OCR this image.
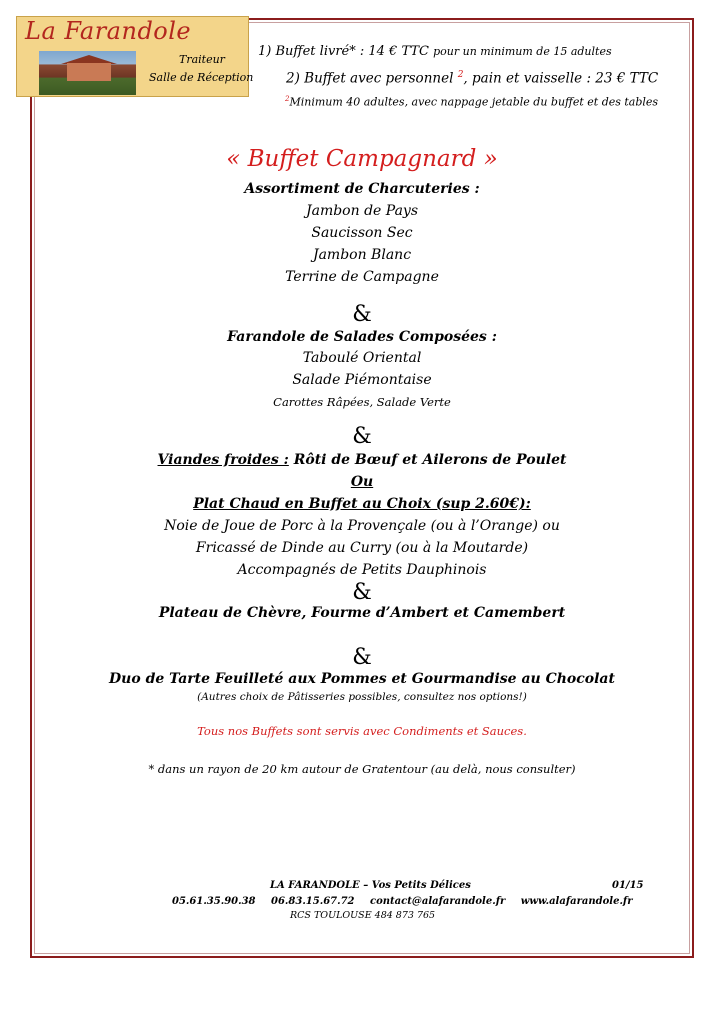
La Farandole
Traiteur
Salle de Réception
1) Buffet livré* : 14 € TTC pour un minimum de 15 adultes
2) Buffet avec personnel $^2$, pain et vaisselle : 23 € TTC
$^2$Minimum 40 adultes, avec nappage jetable du buffet et des tables
« Buffet Campagnard »
Assortiment de Charcuteries :
Jambon de Pays
Saucisson Sec
Jambon Blanc
Terrine de Campagne
&
Farandole de Salades Composées :
Taboulé Oriental
Salade Piémontaise
Carottes Râpées, Salade Verte
&
Viandes froides : Rôti de Bœuf et Ailerons de Poulet
Ou
Plat Chaud en Buffet au Choix (sup 2.60€):
Noie de Joue de Porc à la Provençale (ou à l’Orange) ou
Fricassé de Dinde au Curry (ou à la Moutarde)
Accompagnés de Petits Dauphinois
&
Plateau de Chèvre, Fourme d’Ambert et Camembert
&
Duo de Tarte Feuilleté aux Pommes et Gourmandise au Chocolat
(Autres choix de Pâtisseries possibles, consultez nos options!)
Tous nos Buffets sont servis avec Condiments et Sauces.
* dans un rayon de 20 km autour de Gratentour (au delà, nous consulter)
LA FARANDOLE – Vos Petits Délices	01/15
05.61.35.90.38 06.83.15.67.72 contact@alafarandole.fr www.alafarandole.fr
RCS TOULOUSE 484 873 765
